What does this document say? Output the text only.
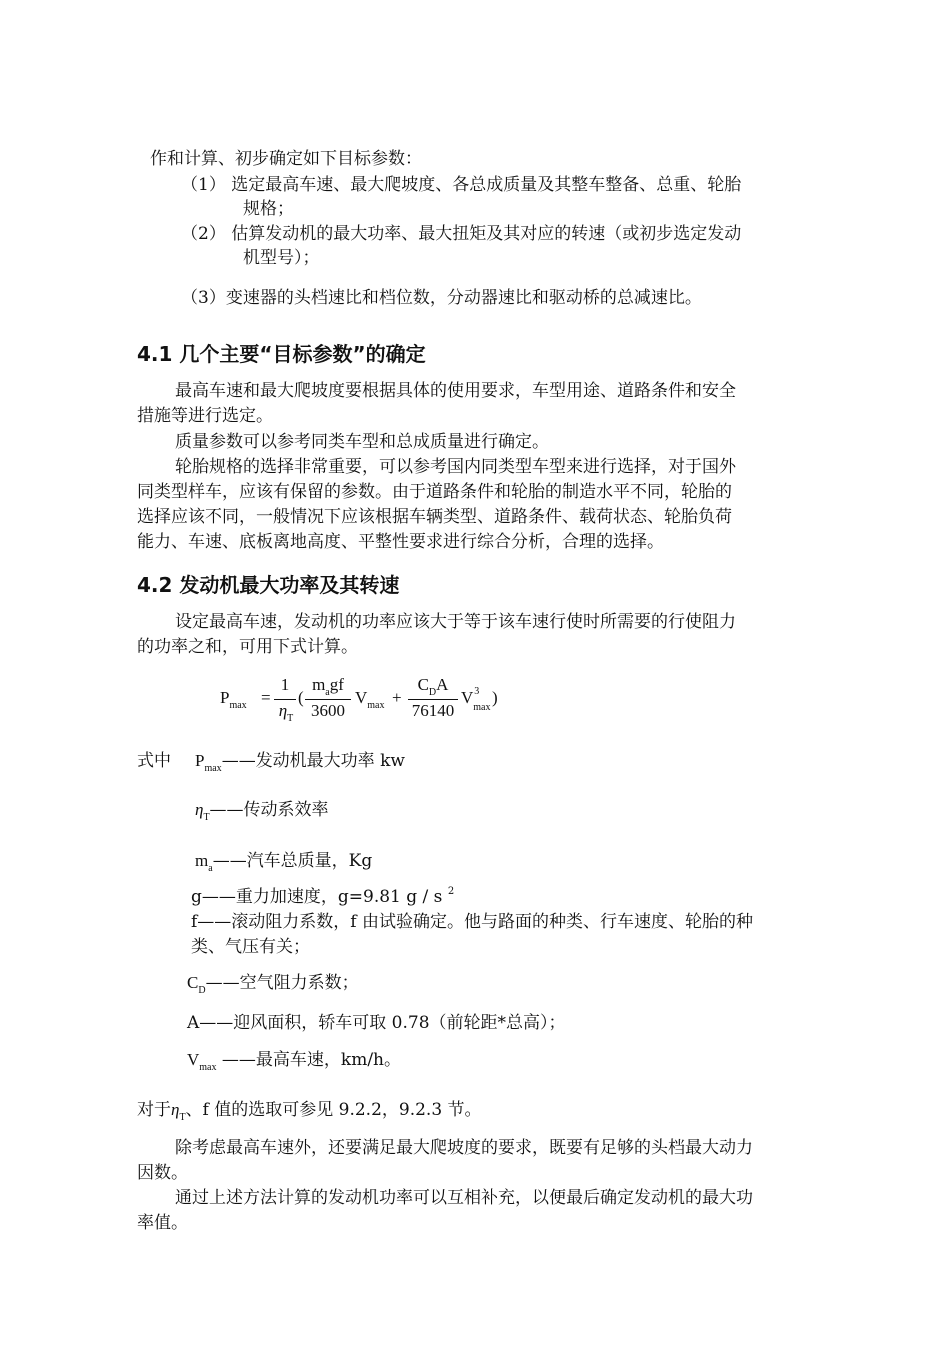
作和计算、初步确定如下目标参数：
（1） 选定最高车速、最大爬坡度、各总成质量及其整车整备、总重、轮胎
规格；
（2） 估算发动机的最大功率、最大扭矩及其对应的转速（或初步选定发动
机型号）；
（3）变速器的头档速比和档位数，分动器速比和驱动桥的总减速比。
4.1 几个主要“目标参数”的确定
最高车速和最大爬坡度要根据具体的使用要求，车型用途、道路条件和安全
措施等进行选定。
质量参数可以参考同类车型和总成质量进行确定。
轮胎规格的选择非常重要，可以参考国内同类型车型来进行选择，对于国外
同类型样车，应该有保留的参数。由于道路条件和轮胎的制造水平不同，轮胎的
选择应该不同，一般情况下应该根据车辆类型、道路条件、载荷状态、轮胎负荷
能力、车速、底板离地高度、平整性要求进行综合分析，合理的选择。
4.2 发动机最大功率及其转速
设定最高车速，发动机的功率应该大于等于该车速行使时所需要的行使阻力
的功率之和，可用下式计算。
$P_{max}$ =
1
$\eta_T$
(
$m_agf$
3600
$V_{max}$ +
$C_DA$
76140
V 3
max
)
式中 $P_{max}——$发动机最大功率 kw
$\eta_T——$传动系效率
$m_a——$汽车总质量，Kg
g——重力加速度，g=9.81 g / s $^2$
f——滚动阻力系数，f 由试验确定。他与路面的种类、行车速度、轮胎的种
类、气压有关；
$C_D——$空气阻力系数；
A——迎风面积，轿车可取 0.78（前轮距*总高）；
$V_{max}$ ——最高车速，km/h。
对于$\eta_T$、f 值的选取可参见 9.2.2，9.2.3 节。
除考虑最高车速外，还要满足最大爬坡度的要求，既要有足够的头档最大动力
因数。
通过上述方法计算的发动机功率可以互相补充，以便最后确定发动机的最大功
率值。
